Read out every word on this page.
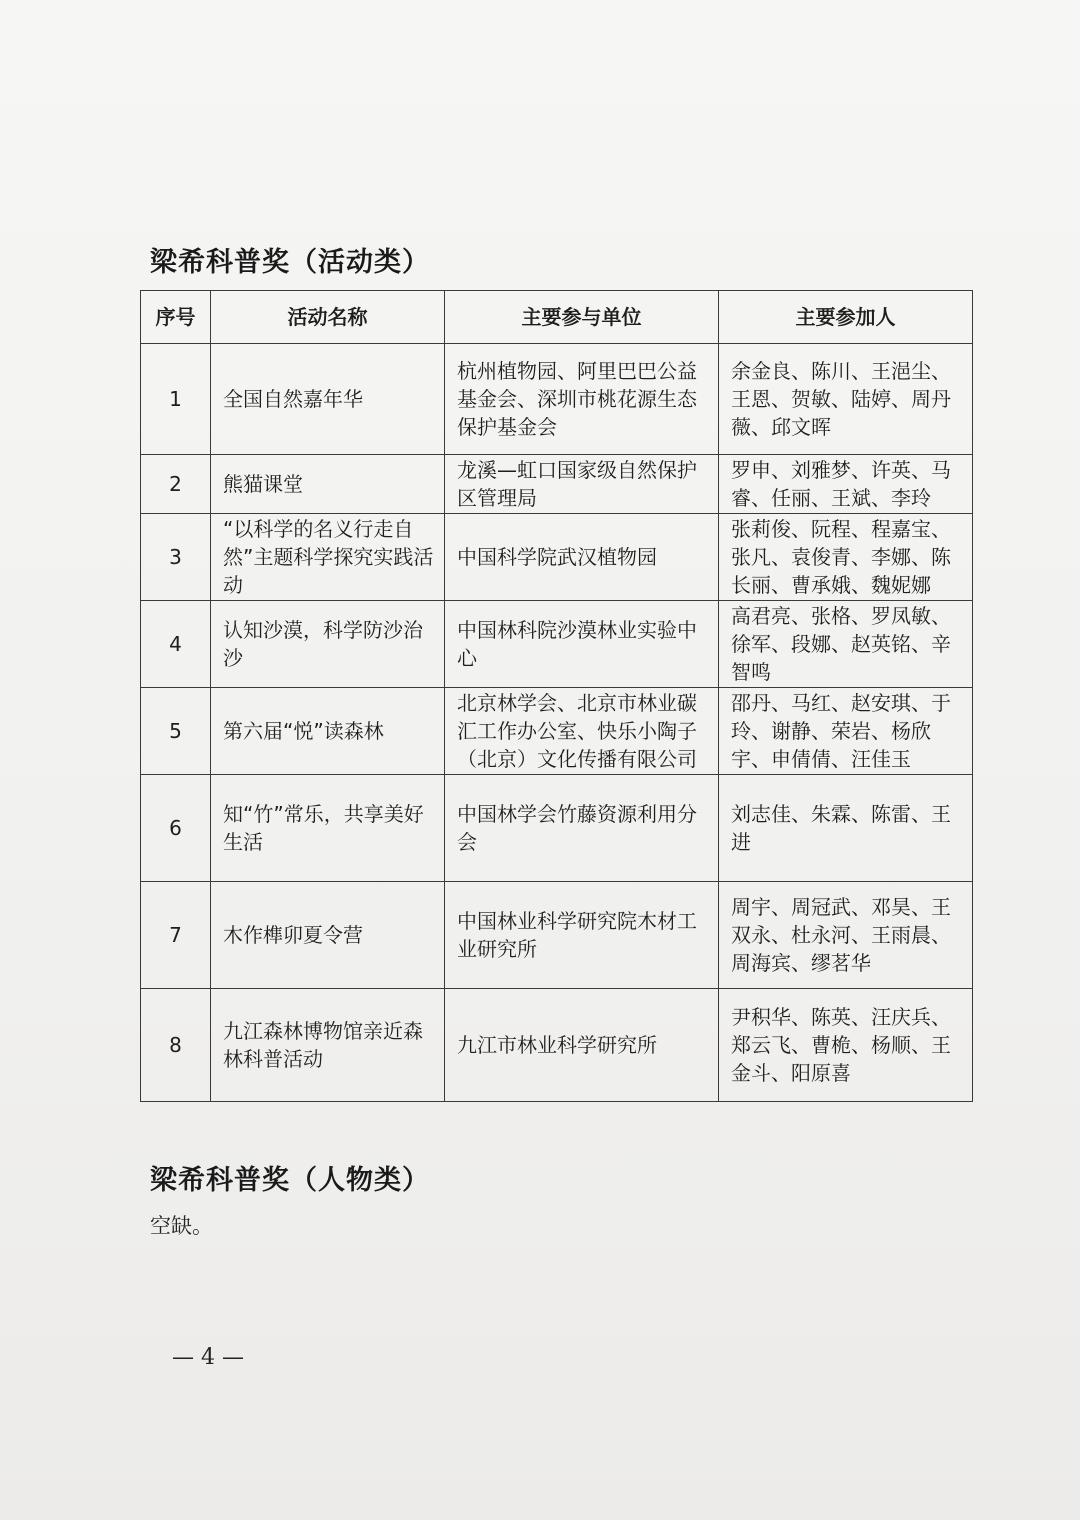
梁希科普奖（活动类）
序号	活动名称	主要参与单位	主要参加人
1	全国自然嘉年华	杭州植物园、阿里巴巴公益基金会、深圳市桃花源生态保护基金会	余金良、陈川、王浥尘、王恩、贺敏、陆婷、周丹薇、邱文晖
2	熊猫课堂	龙溪—虹口国家级自然保护区管理局	罗申、刘雅梦、许英、马睿、任丽、王斌、李玲
3	“以科学的名义行走自然”主题科学探究实践活动	中国科学院武汉植物园	张莉俊、阮程、程嘉宝、张凡、袁俊青、李娜、陈长丽、曹承娥、魏妮娜
4	认知沙漠，科学防沙治沙	中国林科院沙漠林业实验中心	高君亮、张格、罗凤敏、徐军、段娜、赵英铭、辛智鸣
5	第六届“悦”读森林	北京林学会、北京市林业碳汇工作办公室、快乐小陶子（北京）文化传播有限公司	邵丹、马红、赵安琪、于玲、谢静、荣岩、杨欣宇、申倩倩、汪佳玉
6	知“竹”常乐，共享美好生活	中国林学会竹藤资源利用分会	刘志佳、朱霖、陈雷、王进
7	木作榫卯夏令营	中国林业科学研究院木材工业研究所	周宇、周冠武、邓昊、王双永、杜永河、王雨晨、周海宾、缪茗华
8	九江森林博物馆亲近森林科普活动	九江市林业科学研究所	尹积华、陈英、汪庆兵、郑云飞、曹桅、杨顺、王金斗、阳原喜
梁希科普奖（人物类）
空缺。
— 4 —
